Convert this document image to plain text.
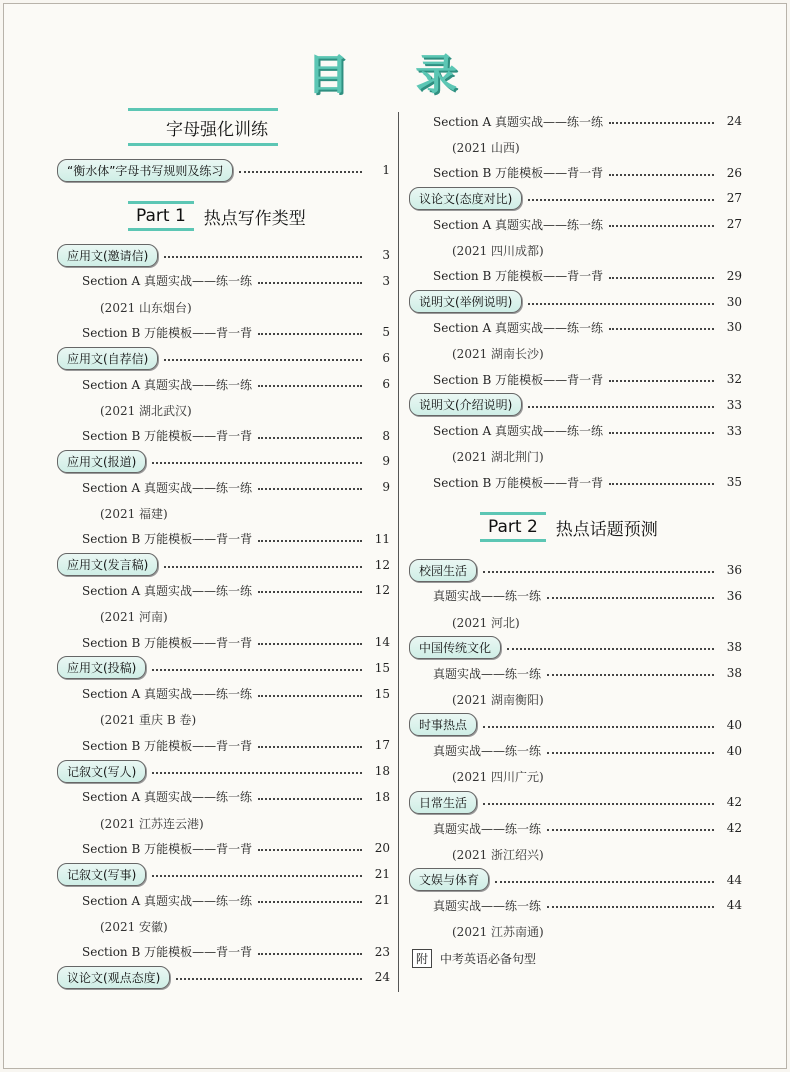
目 录
字母强化训练
“衡水体”字母书写规则及练习	1
Part 1	热点写作类型
应用文(邀请信)	3
Section A 真题实战——练一练	3
(2021 山东烟台)
Section B 万能模板——背一背	5
应用文(自荐信)	6
Section A 真题实战——练一练	6
(2021 湖北武汉)
Section B 万能模板——背一背	8
应用文(报道)	9
Section A 真题实战——练一练	9
(2021 福建)
Section B 万能模板——背一背	11
应用文(发言稿)	12
Section A 真题实战——练一练	12
(2021 河南)
Section B 万能模板——背一背	14
应用文(投稿)	15
Section A 真题实战——练一练	15
(2021 重庆 B 卷)
Section B 万能模板——背一背	17
记叙文(写人)	18
Section A 真题实战——练一练	18
(2021 江苏连云港)
Section B 万能模板——背一背	20
记叙文(写事)	21
Section A 真题实战——练一练	21
(2021 安徽)
Section B 万能模板——背一背	23
议论文(观点态度)	24
Section A 真题实战——练一练	24
(2021 山西)
Section B 万能模板——背一背	26
议论文(态度对比)	27
Section A 真题实战——练一练	27
(2021 四川成都)
Section B 万能模板——背一背	29
说明文(举例说明)	30
Section A 真题实战——练一练	30
(2021 湖南长沙)
Section B 万能模板——背一背	32
说明文(介绍说明)	33
Section A 真题实战——练一练	33
(2021 湖北荆门)
Section B 万能模板——背一背	35
Part 2	热点话题预测
校园生活	36
真题实战——练一练	36
(2021 河北)
中国传统文化	38
真题实战——练一练	38
(2021 湖南衡阳)
时事热点	40
真题实战——练一练	40
(2021 四川广元)
日常生活	42
真题实战——练一练	42
(2021 浙江绍兴)
文娱与体育	44
真题实战——练一练	44
(2021 江苏南通)
附	中考英语必备句型
